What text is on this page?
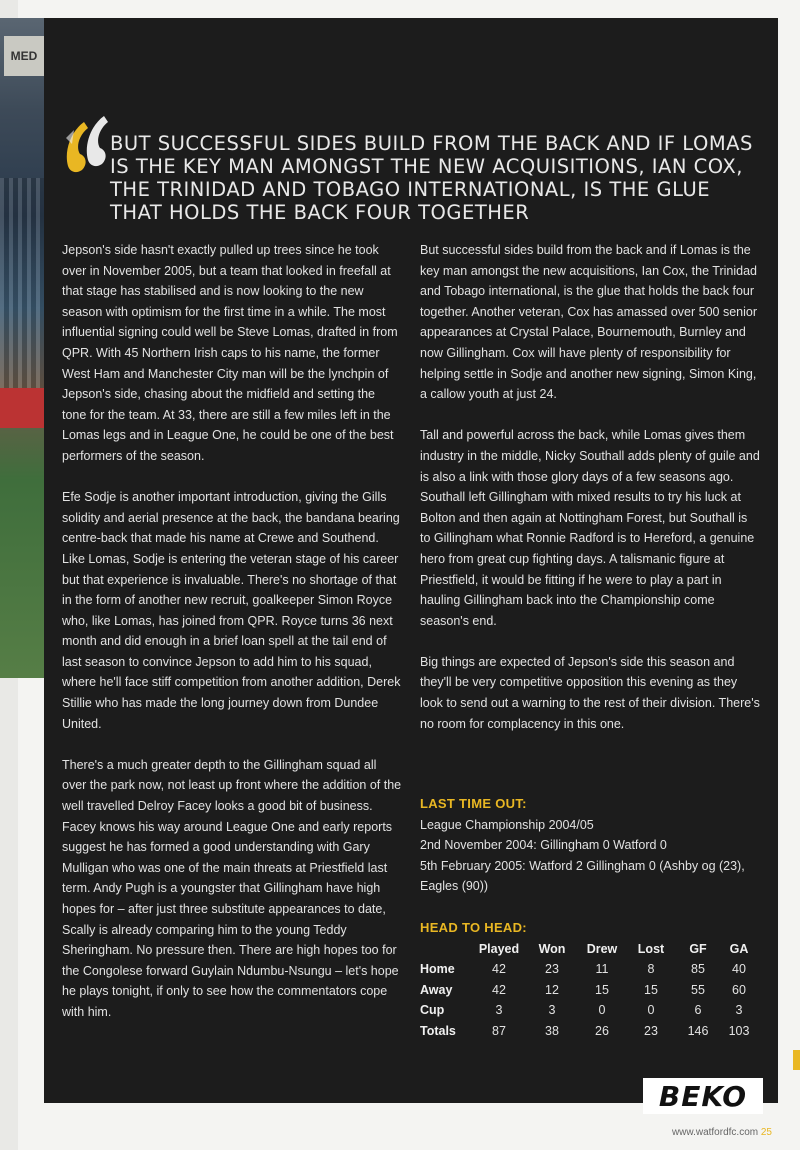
MED

BUT SUCCESSFUL SIDES BUILD FROM THE BACK AND IF LOMAS IS THE KEY MAN AMONGST THE NEW ACQUISITIONS, IAN COX, THE TRINIDAD AND TOBAGO INTERNATIONAL, IS THE GLUE THAT HOLDS THE BACK FOUR TOGETHER

Jepson's side hasn't exactly pulled up trees since he took over in November 2005, but a team that looked in freefall at that stage has stabilised and is now looking to the new season with optimism for the first time in a while. The most influential signing could well be Steve Lomas, drafted in from QPR. With 45 Northern Irish caps to his name, the former West Ham and Manchester City man will be the lynchpin of Jepson's side, chasing about the midfield and setting the tone for the team. At 33, there are still a few miles left in the Lomas legs and in League One, he could be one of the best performers of the season.

Efe Sodje is another important introduction, giving the Gills solidity and aerial presence at the back, the bandana bearing centre-back that made his name at Crewe and Southend. Like Lomas, Sodje is entering the veteran stage of his career but that experience is invaluable. There's no shortage of that in the form of another new recruit, goalkeeper Simon Royce who, like Lomas, has joined from QPR. Royce turns 36 next month and did enough in a brief loan spell at the tail end of last season to convince Jepson to add him to his squad, where he'll face stiff competition from another addition, Derek Stillie who has made the long journey down from Dundee United.

There's a much greater depth to the Gillingham squad all over the park now, not least up front where the addition of the well travelled Delroy Facey looks a good bit of business. Facey knows his way around League One and early reports suggest he has formed a good understanding with Gary Mulligan who was one of the main threats at Priestfield last term. Andy Pugh is a youngster that Gillingham have high hopes for – after just three substitute appearances to date, Scally is already comparing him to the young Teddy Sheringham. No pressure then. There are high hopes too for the Congolese forward Guylain Ndumbu-Nsungu – let's hope he plays tonight, if only to see how the commentators cope with him.

But successful sides build from the back and if Lomas is the key man amongst the new acquisitions, Ian Cox, the Trinidad and Tobago international, is the glue that holds the back four together. Another veteran, Cox has amassed over 500 senior appearances at Crystal Palace, Bournemouth, Burnley and now Gillingham. Cox will have plenty of responsibility for helping settle in Sodje and another new signing, Simon King, a callow youth at just 24.

Tall and powerful across the back, while Lomas gives them industry in the middle, Nicky Southall adds plenty of guile and is also a link with those glory days of a few seasons ago. Southall left Gillingham with mixed results to try his luck at Bolton and then again at Nottingham Forest, but Southall is to Gillingham what Ronnie Radford is to Hereford, a genuine hero from great cup fighting days. A talismanic figure at Priestfield, it would be fitting if he were to play a part in hauling Gillingham back into the Championship come season's end.

Big things are expected of Jepson's side this season and they'll be very competitive opposition this evening as they look to send out a warning to the rest of their division. There's no room for complacency in this one.

LAST TIME OUT:
League Championship 2004/05
2nd November 2004: Gillingham 0 Watford 0
5th February 2005: Watford 2 Gillingham 0 (Ashby og (23), Eagles (90))
HEAD TO HEAD:
	Played	Won	Drew	Lost	GF	GA
Home	42	23	11	8	85	40
Away	42	12	15	15	55	60
Cup	3	3	0	0	6	3
Totals	87	38	26	23	146	103
BEKO
www.watfordfc.com 25
